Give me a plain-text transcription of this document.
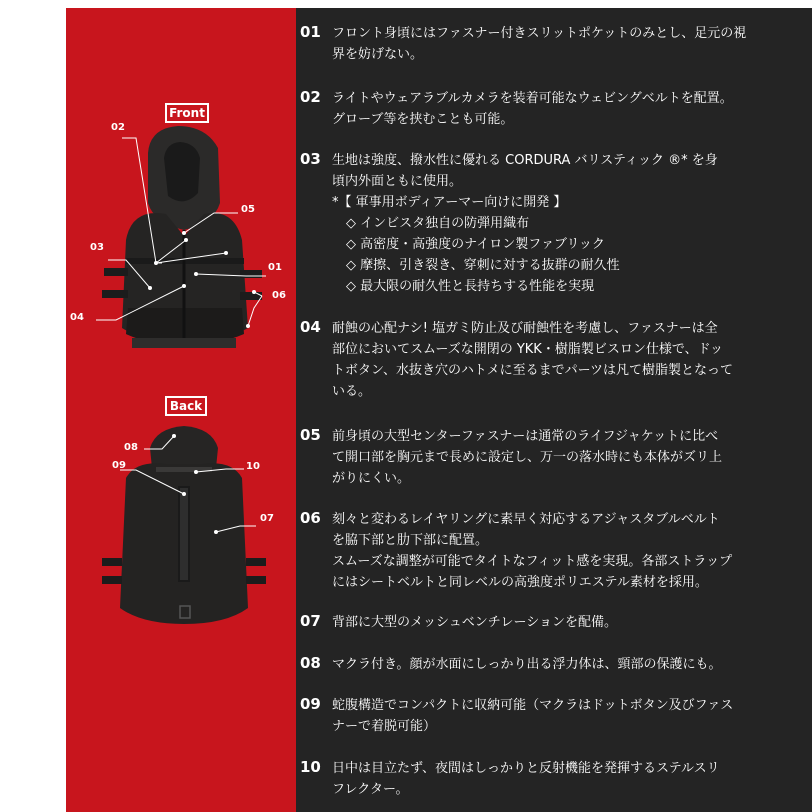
Front
Back
02
05
03
01
06
04
08
09	10
07
01 フロント身頃にはファスナー付きスリットポケットのみとし、足元の視
界を妨げない。
02 ライトやウェアラブルカメラを装着可能なウェビングベルトを配置。
グローブ等を挟むことも可能。
03 生地は強度、撥水性に優れる CORDURA バリスティック ®* を身
頃内外面ともに使用。
*【 軍事用ボディアーマー向けに開発 】
◇ インビスタ独自の防弾用織布
◇ 高密度・高強度のナイロン製ファブリック
◇ 摩擦、引き裂き、穿刺に対する抜群の耐久性
◇ 最大限の耐久性と長持ちする性能を実現
04 耐蝕の心配ナシ! 塩ガミ防止及び耐蝕性を考慮し、ファスナーは全
部位においてスムーズな開閉の YKK・樹脂製ビスロン仕様で、ドッ
トボタン、水抜き穴のハトメに至るまでパーツは凡て樹脂製となって
いる。
05 前身頃の大型センターファスナーは通常のライフジャケットに比べ
て開口部を胸元まで長めに設定し、万一の落水時にも本体がズリ上
がりにくい。
06 刻々と変わるレイヤリングに素早く対応するアジャスタブルベルト
を脇下部と肋下部に配置。
スムーズな調整が可能でタイトなフィット感を実現。各部ストラップ
にはシートベルトと同レベルの高強度ポリエステル素材を採用。
07 背部に大型のメッシュベンチレーションを配備。
08 マクラ付き。顔が水面にしっかり出る浮力体は、頸部の保護にも。
09 蛇腹構造でコンパクトに収納可能（マクラはドットボタン及びファス
ナーで着脱可能）
10 日中は目立たず、夜間はしっかりと反射機能を発揮するステルスリ
フレクター。
